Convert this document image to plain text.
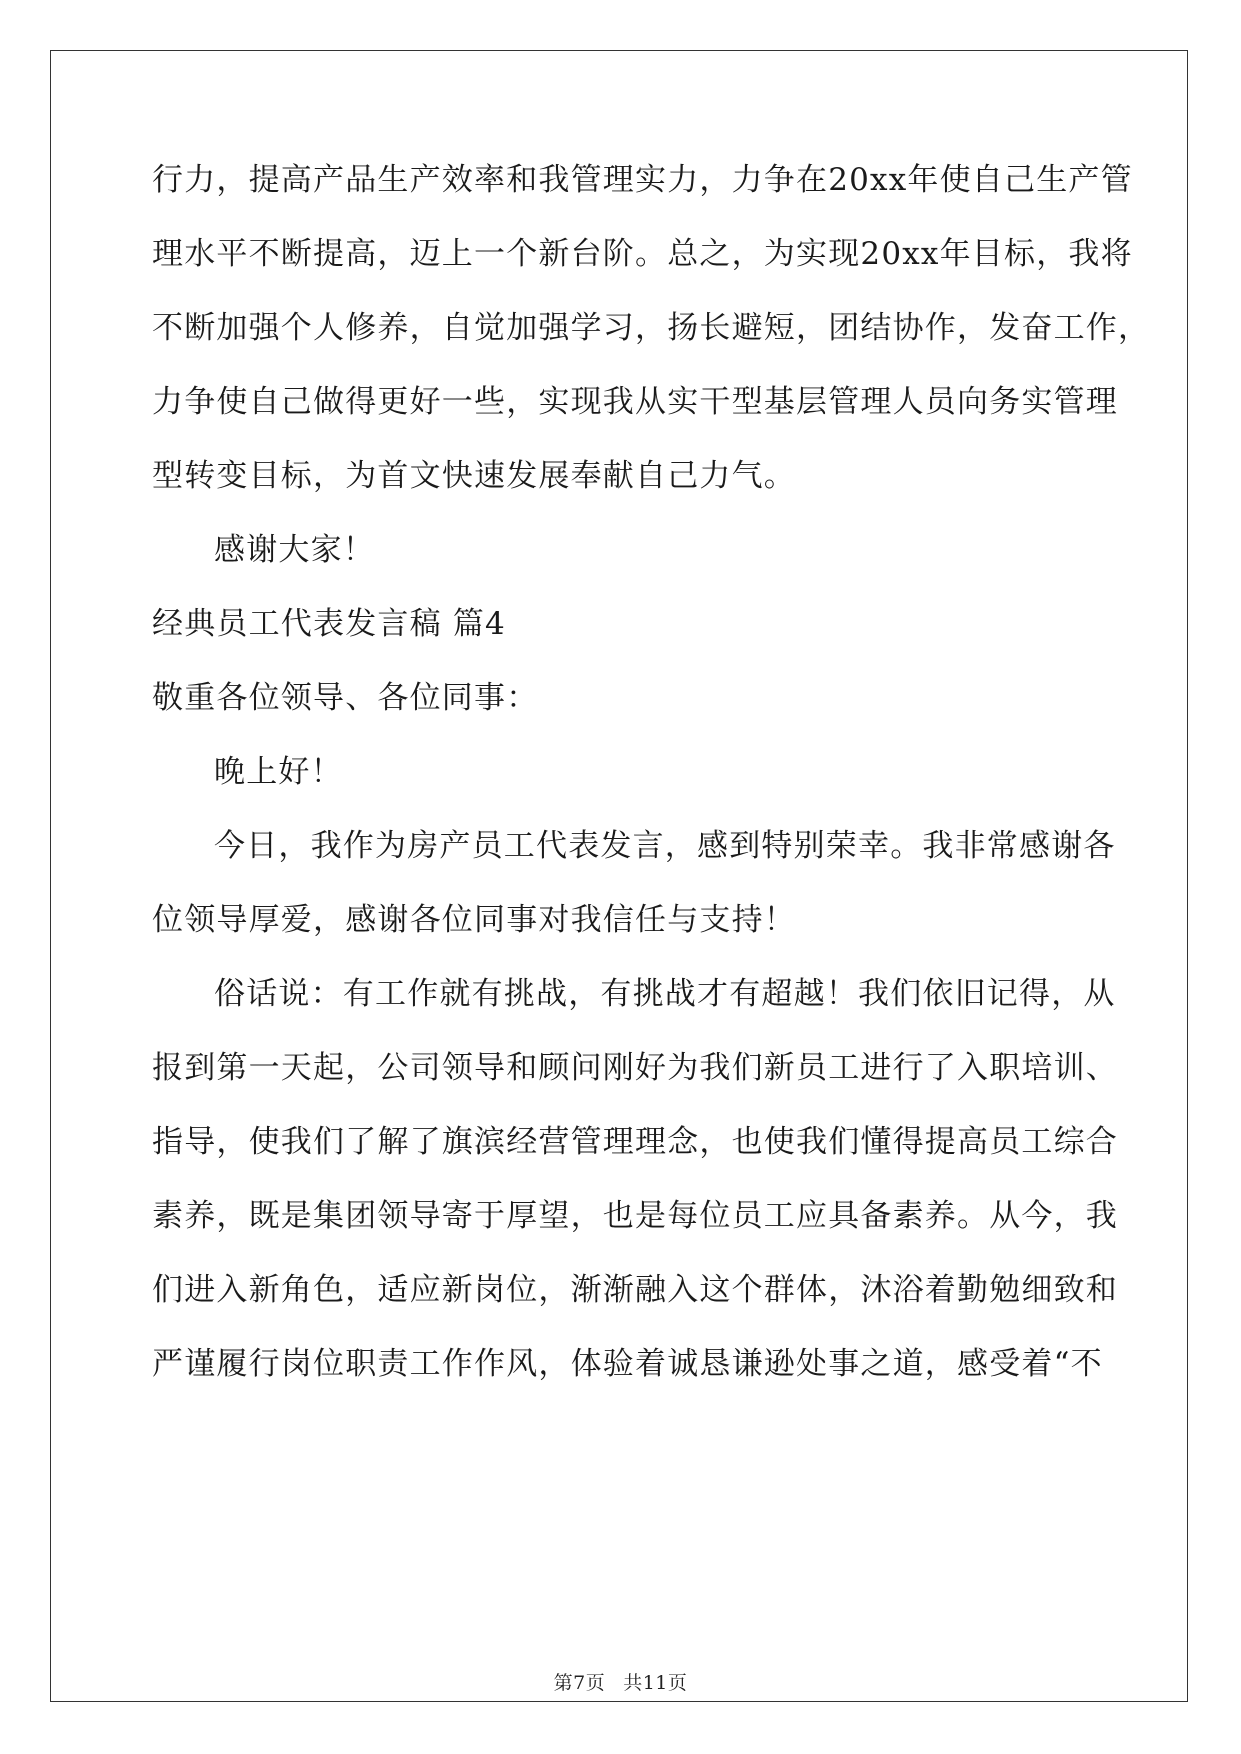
行力，提高产品生产效率和我管理实力，力争在20xx年使自己生产管
理水平不断提高，迈上一个新台阶。总之，为实现20xx年目标，我将
不断加强个人修养，自觉加强学习，扬长避短，团结协作，发奋工作，
力争使自己做得更好一些，实现我从实干型基层管理人员向务实管理
型转变目标，为首文快速发展奉献自己力气。
感谢大家！
经典员工代表发言稿 篇4
敬重各位领导、各位同事：
晚上好！
今日，我作为房产员工代表发言，感到特别荣幸。我非常感谢各
位领导厚爱，感谢各位同事对我信任与支持！
俗话说：有工作就有挑战，有挑战才有超越！我们依旧记得，从
报到第一天起，公司领导和顾问刚好为我们新员工进行了入职培训、
指导，使我们了解了旗滨经营管理理念，也使我们懂得提高员工综合
素养，既是集团领导寄于厚望，也是每位员工应具备素养。从今，我
们进入新角色，适应新岗位，渐渐融入这个群体，沐浴着勤勉细致和
严谨履行岗位职责工作作风，体验着诚恳谦逊处事之道，感受着“不
第7页 共11页
